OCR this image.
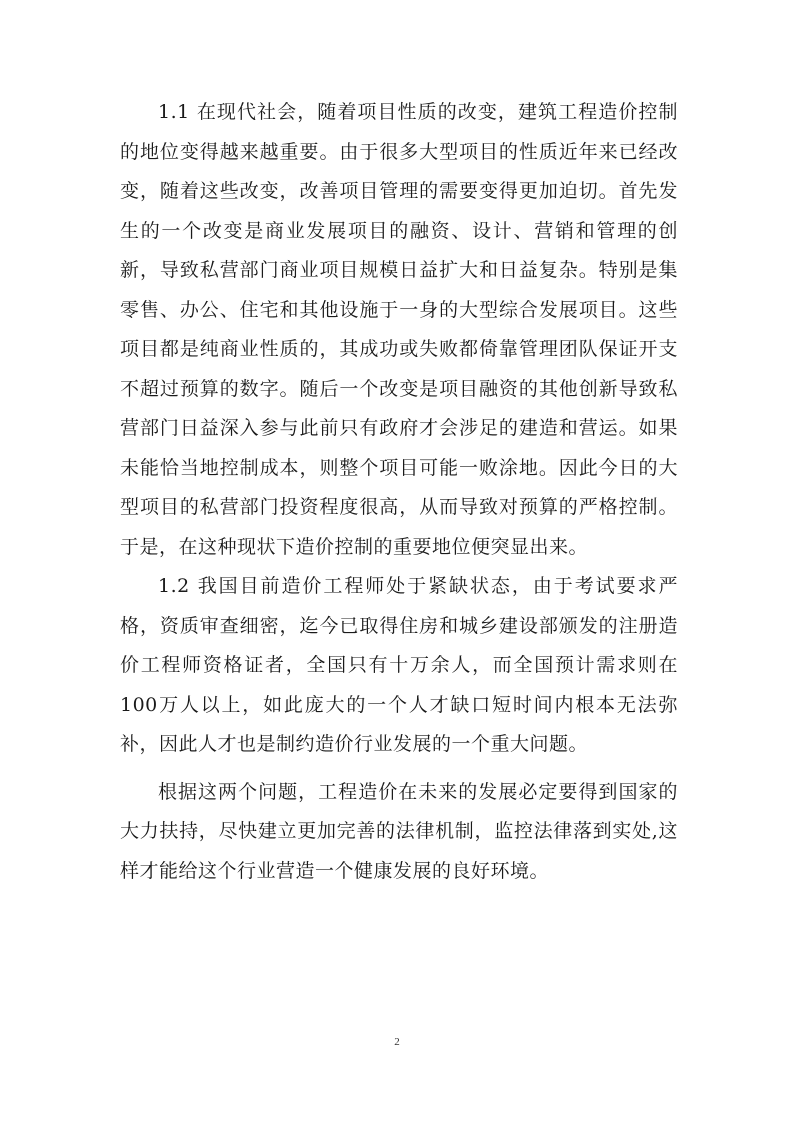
1.1 在现代社会，随着项目性质的改变，建筑工程造价控制的地位变得越来越重要。由于很多大型项目的性质近年来已经改变，随着这些改变，改善项目管理的需要变得更加迫切。首先发生的一个改变是商业发展项目的融资、设计、营销和管理的创新，导致私营部门商业项目规模日益扩大和日益复杂。特别是集零售、办公、住宅和其他设施于一身的大型综合发展项目。这些项目都是纯商业性质的，其成功或失败都倚靠管理团队保证开支不超过预算的数字。随后一个改变是项目融资的其他创新导致私营部门日益深入参与此前只有政府才会涉足的建造和营运。如果未能恰当地控制成本，则整个项目可能一败涂地。因此今日的大型项目的私营部门投资程度很高，从而导致对预算的严格控制。于是，在这种现状下造价控制的重要地位便突显出来。

1.2 我国目前造价工程师处于紧缺状态，由于考试要求严格，资质审查细密，迄今已取得住房和城乡建设部颁发的注册造价工程师资格证者，全国只有十万余人，而全国预计需求则在100万人以上，如此庞大的一个人才缺口短时间内根本无法弥补，因此人才也是制约造价行业发展的一个重大问题。

根据这两个问题，工程造价在未来的发展必定要得到国家的大力扶持，尽快建立更加完善的法律机制，监控法律落到实处,这样才能给这个行业营造一个健康发展的良好环境。

2
